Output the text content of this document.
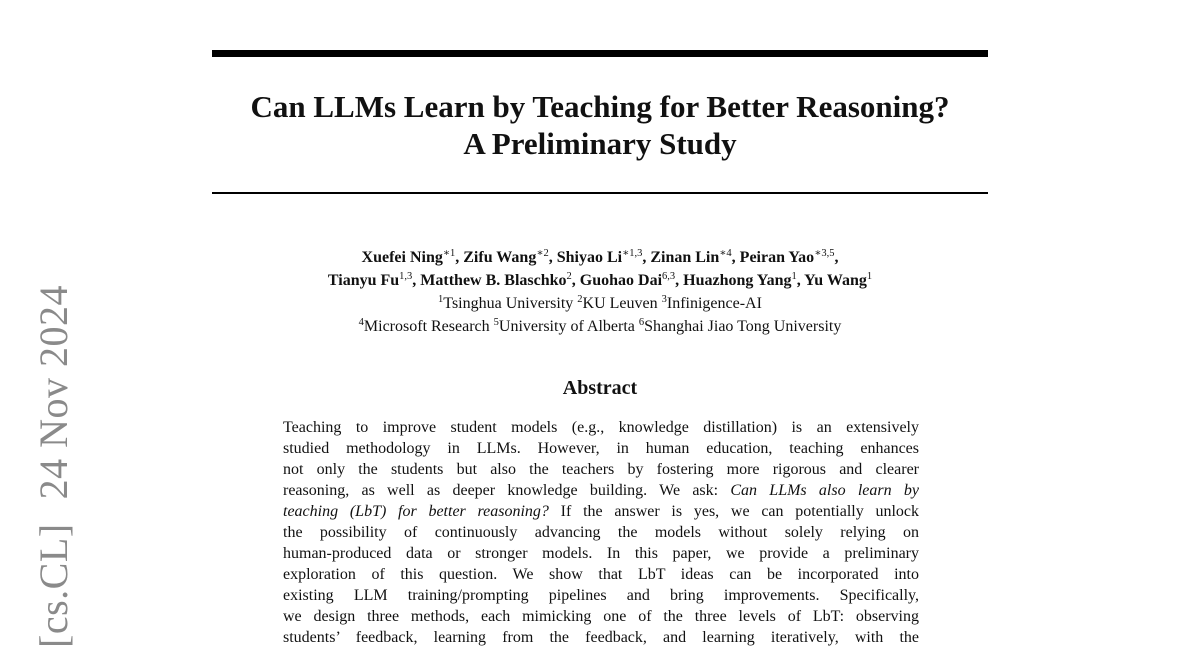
[cs.CL]24 Nov 2024
Can LLMs Learn by Teaching for Better Reasoning?
A Preliminary Study
Xuefei Ning$^{∗1}$, Zifu Wang$^{∗2}$, Shiyao $Li^{∗1,3}$, Zinan Lin$^{∗4}$, Peiran Yao$^{∗3,5}$,
Tianyu Fu$^{1,3}$, Matthew B. Blaschko$^2$, Guohao Dai$^{6,3}$, Huazhong Yang$^1$, Yu Wang$^1$
$^1$Tsinghua University $^2$KU Leuven $^3$Infinigence-AI
$^4$Microsoft Research $^5$University of Alberta $^6$Shanghai Jiao Tong University
Abstract
Teaching to improve student models (e.g., knowledge distillation) is an extensively
studied methodology in LLMs. However, in human education, teaching enhances
not only the students but also the teachers by fostering more rigorous and clearer
reasoning, as well as deeper knowledge building. We ask: Can LLMs also learn by
teaching (LbT) for better reasoning? If the answer is yes, we can potentially unlock
the possibility of continuously advancing the models without solely relying on
human-produced data or stronger models. In this paper, we provide a preliminary
exploration of this question. We show that LbT ideas can be incorporated into
existing LLM training/prompting pipelines and bring improvements. Specifically,
we design three methods, each mimicking one of the three levels of LbT: observing
students’ feedback, learning from the feedback, and learning iteratively, with the
